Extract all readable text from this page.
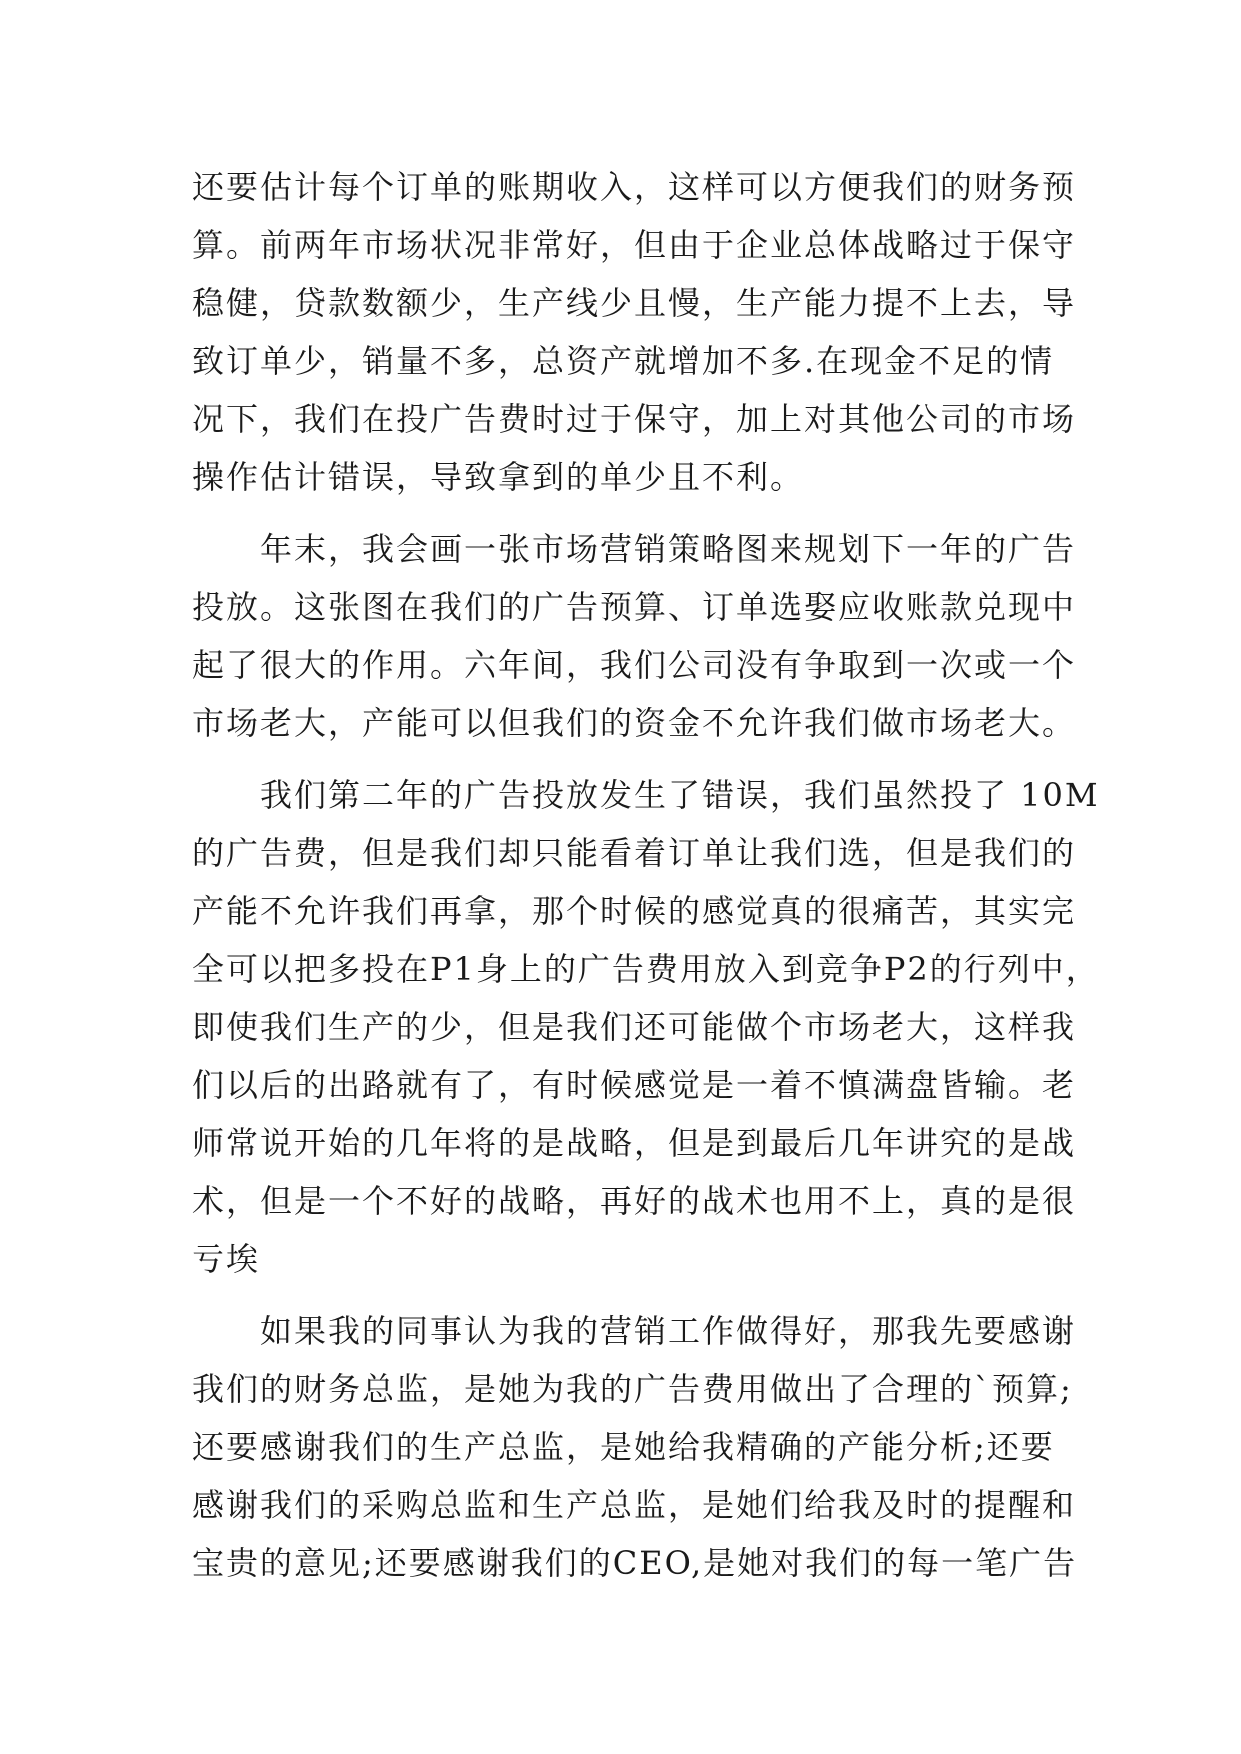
还要估计每个订单的账期收入，这样可以方便我们的财务预
算。前两年市场状况非常好，但由于企业总体战略过于保守
稳健，贷款数额少，生产线少且慢，生产能力提不上去，导
致订单少，销量不多，总资产就增加不多.在现金不足的情
况下，我们在投广告费时过于保守，加上对其他公司的市场
操作估计错误，导致拿到的单少且不利。
　　年末，我会画一张市场营销策略图来规划下一年的广告
投放。这张图在我们的广告预算、订单选娶应收账款兑现中
起了很大的作用。六年间，我们公司没有争取到一次或一个
市场老大，产能可以但我们的资金不允许我们做市场老大。
　　我们第二年的广告投放发生了错误，我们虽然投了 10M
的广告费，但是我们却只能看着订单让我们选，但是我们的
产能不允许我们再拿，那个时候的感觉真的很痛苦，其实完
全可以把多投在P1身上的广告费用放入到竞争P2的行列中，
即使我们生产的少，但是我们还可能做个市场老大，这样我
们以后的出路就有了，有时候感觉是一着不慎满盘皆输。老
师常说开始的几年将的是战略，但是到最后几年讲究的是战
术，但是一个不好的战略，再好的战术也用不上，真的是很
亏埃
　　如果我的同事认为我的营销工作做得好，那我先要感谢
我们的财务总监，是她为我的广告费用做出了合理的`预算;
还要感谢我们的生产总监，是她给我精确的产能分析;还要
感谢我们的采购总监和生产总监，是她们给我及时的提醒和
宝贵的意见;还要感谢我们的CEO,是她对我们的每一笔广告
